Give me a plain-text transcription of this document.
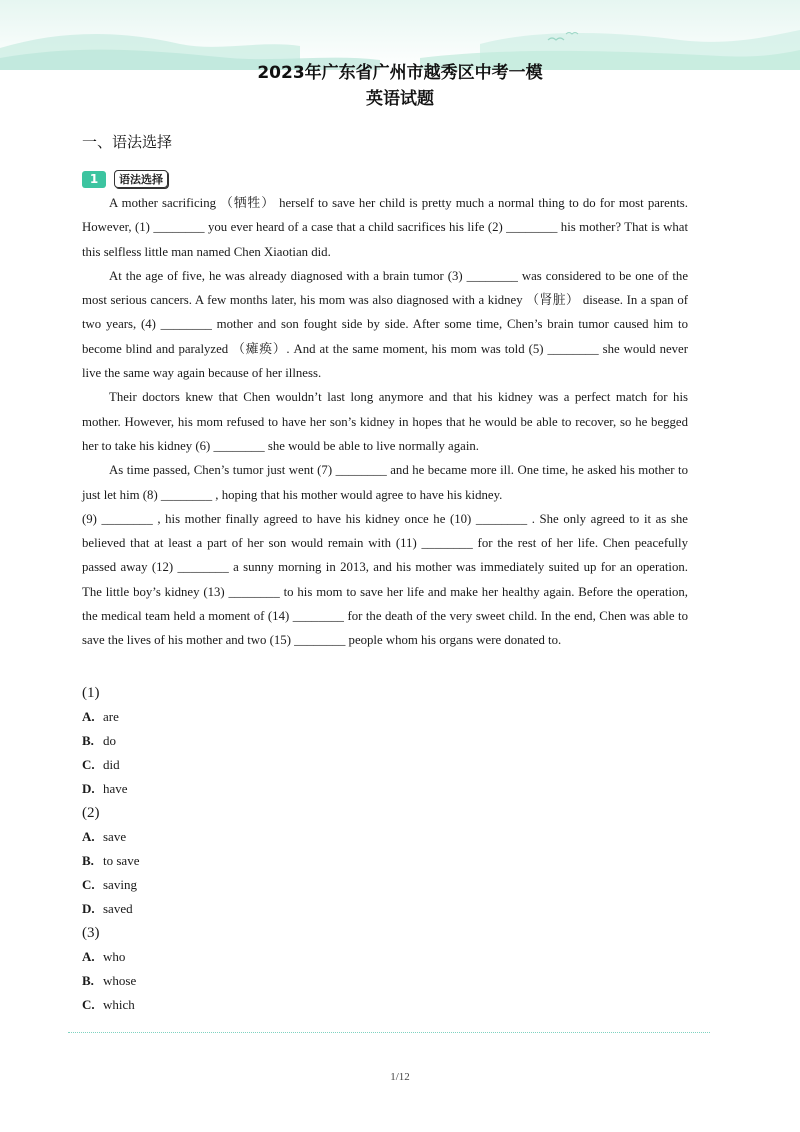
2023年广东省广州市越秀区中考一模
英语试题
一、语法选择
1	语法选择

A mother sacrificing （牺牲） herself to save her child is pretty much a normal thing to do for most parents. However, (1) ________ you ever heard of a case that a child sacrifices his life (2) ________ his mother? That is what this selfless little man named Chen Xiaotian did.

At the age of five, he was already diagnosed with a brain tumor (3) ________ was considered to be one of the most serious cancers. A few months later, his mom was also diagnosed with a kidney （肾脏） disease. In a span of two years, (4) ________ mother and son fought side by side. After some time, Chen’s brain tumor caused him to become blind and paralyzed （瘫痪）. And at the same moment, his mom was told (5) ________ she would never live the same way again because of her illness.

Their doctors knew that Chen wouldn’t last long anymore and that his kidney was a perfect match for his mother. However, his mom refused to have her son’s kidney in hopes that he would be able to recover, so he begged her to take his kidney (6) ________ she would be able to live normally again.

As time passed, Chen’s tumor just went (7) ________ and he became more ill. One time, he asked his mother to just let him (8) ________ , hoping that his mother would agree to have his kidney.

(9) ________ , his mother finally agreed to have his kidney once he (10) ________ . She only agreed to it as she believed that at least a part of her son would remain with (11) ________ for the rest of her life. Chen peacefully passed away (12) ________ a sunny morning in 2013, and his mother was immediately suited up for an operation. The little boy’s kidney (13) ________ to his mom to save her life and make her healthy again. Before the operation, the medical team held a moment of (14) ________ for the death of the very sweet child. In the end, Chen was able to save the lives of his mother and two (15) ________ people whom his organs were donated to.

(1)
A. are
B. do
C. did
D. have
(2)
A. save
B. to save
C. saving
D. saved
(3)
A. who
B. whose
C. which
1/12
